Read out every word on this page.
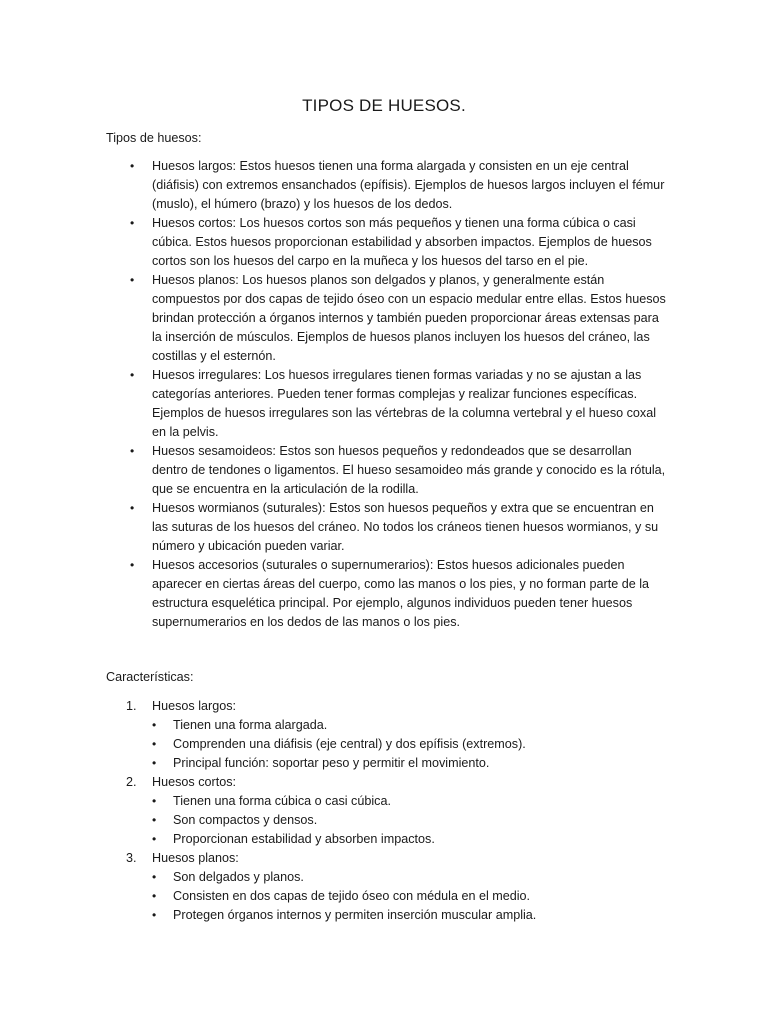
TIPOS DE HUESOS.

Tipos de huesos:

• Huesos largos: Estos huesos tienen una forma alargada y consisten en un eje central (diáfisis) con extremos ensanchados (epífisis). Ejemplos de huesos largos incluyen el fémur (muslo), el húmero (brazo) y los huesos de los dedos.
• Huesos cortos: Los huesos cortos son más pequeños y tienen una forma cúbica o casi cúbica. Estos huesos proporcionan estabilidad y absorben impactos. Ejemplos de huesos cortos son los huesos del carpo en la muñeca y los huesos del tarso en el pie.
• Huesos planos: Los huesos planos son delgados y planos, y generalmente están compuestos por dos capas de tejido óseo con un espacio medular entre ellas. Estos huesos brindan protección a órganos internos y también pueden proporcionar áreas extensas para la inserción de músculos. Ejemplos de huesos planos incluyen los huesos del cráneo, las costillas y el esternón.
• Huesos irregulares: Los huesos irregulares tienen formas variadas y no se ajustan a las categorías anteriores. Pueden tener formas complejas y realizar funciones específicas. Ejemplos de huesos irregulares son las vértebras de la columna vertebral y el hueso coxal en la pelvis.
• Huesos sesamoideos: Estos son huesos pequeños y redondeados que se desarrollan dentro de tendones o ligamentos. El hueso sesamoideo más grande y conocido es la rótula, que se encuentra en la articulación de la rodilla.
• Huesos wormianos (suturales): Estos son huesos pequeños y extra que se encuentran en las suturas de los huesos del cráneo. No todos los cráneos tienen huesos wormianos, y su número y ubicación pueden variar.
• Huesos accesorios (suturales o supernumerarios): Estos huesos adicionales pueden aparecer en ciertas áreas del cuerpo, como las manos o los pies, y no forman parte de la estructura esquelética principal. Por ejemplo, algunos individuos pueden tener huesos supernumerarios en los dedos de las manos o los pies.

Características:

1. Huesos largos:
• Tienen una forma alargada.
• Comprenden una diáfisis (eje central) y dos epífisis (extremos).
• Principal función: soportar peso y permitir el movimiento.
2. Huesos cortos:
• Tienen una forma cúbica o casi cúbica.
• Son compactos y densos.
• Proporcionan estabilidad y absorben impactos.
3. Huesos planos:
• Son delgados y planos.
• Consisten en dos capas de tejido óseo con médula en el medio.
• Protegen órganos internos y permiten inserción muscular amplia.
